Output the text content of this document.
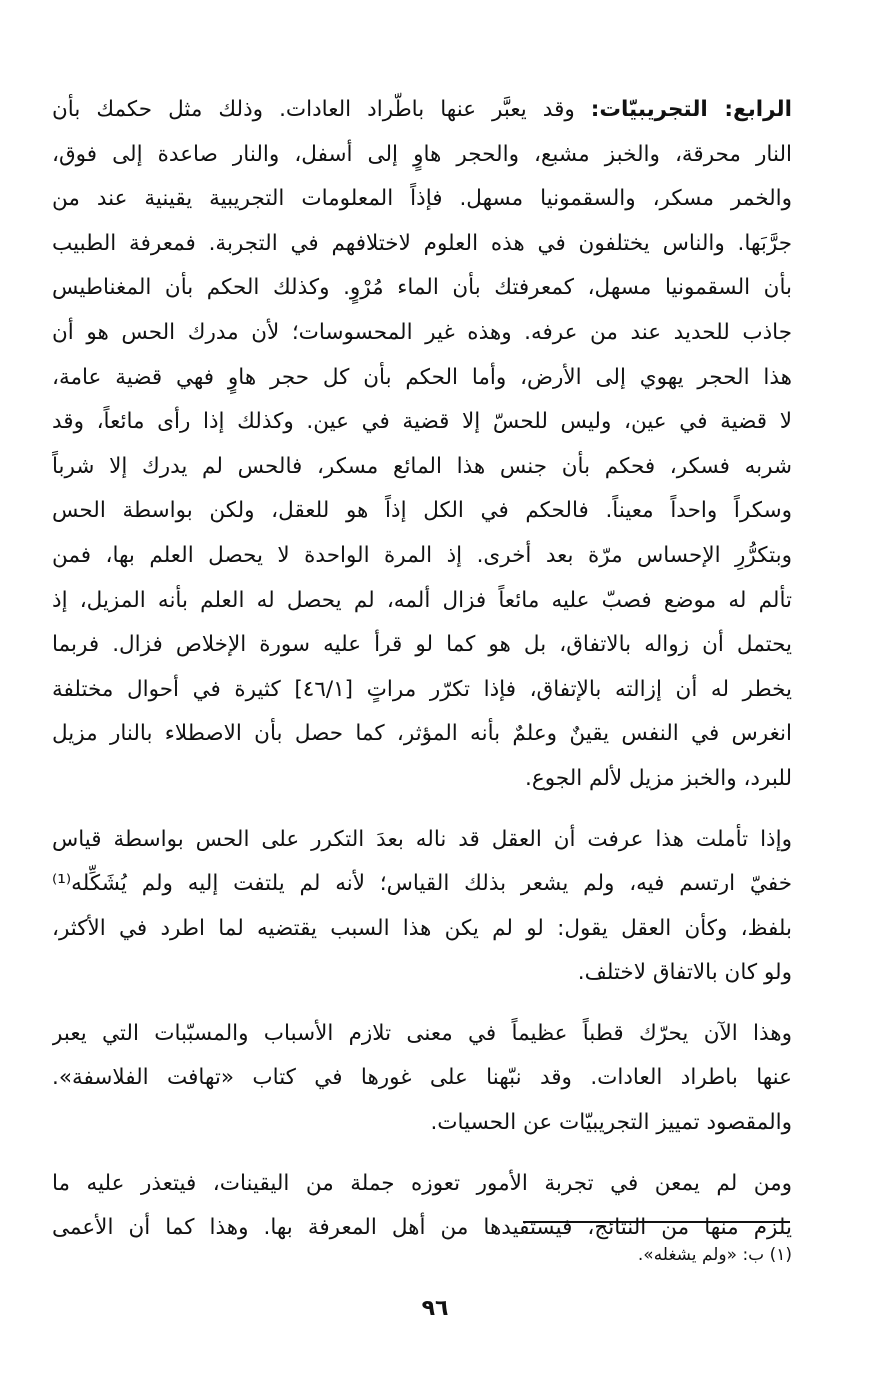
الرابع: التجريبيّات: وقد يعبَّر عنها باطّراد العادات. وذلك مثل حكمك بأن
النار محرقة، والخبز مشبع، والحجر هاوٍ إلى أسفل، والنار صاعدة إلى فوق،
والخمر مسكر، والسقمونيا مسهل. فإذاً المعلومات التجريبية يقينية عند من
جرَّبَها. والناس يختلفون في هذه العلوم لاختلافهم في التجربة. فمعرفة الطبيب
بأن السقمونيا مسهل، كمعرفتك بأن الماء مُرْوٍ. وكذلك الحكم بأن المغناطيس
جاذب للحديد عند من عرفه. وهذه غير المحسوسات؛ لأن مدرك الحس هو أن
هذا الحجر يهوي إلى الأرض، وأما الحكم بأن كل حجر هاوٍ فهي قضية عامة،
لا قضية في عين، وليس للحسّ إلا قضية في عين. وكذلك إذا رأى مائعاً، وقد
شربه فسكر، فحكم بأن جنس هذا المائع مسكر، فالحس لم يدرك إلا شرباً
وسكراً واحداً معيناً. فالحكم في الكل إذاً هو للعقل، ولكن بواسطة الحس
وبتكرُّرِ الإحساس مرّة بعد أخرى. إذ المرة الواحدة لا يحصل العلم بها، فمن
تألم له موضع فصبّ عليه مائعاً فزال ألمه، لم يحصل له العلم بأنه المزيل، إذ
يحتمل أن زواله بالاتفاق، بل هو كما لو قرأ عليه سورة الإخلاص فزال. فربما
يخطر له أن إزالته بالإتفاق، فإذا تكرّر مراتٍ [٤٦/١] كثيرة في أحوال مختلفة
انغرس في النفس يقينٌ وعلمٌ بأنه المؤثر، كما حصل بأن الاصطلاء بالنار مزيل
للبرد، والخبز مزيل لألم الجوع.
وإذا تأملت هذا عرفت أن العقل قد ناله بعدَ التكرر على الحس بواسطة قياس
خفيّ ارتسم فيه، ولم يشعر بذلك القياس؛ لأنه لم يلتفت إليه ولم يُشَكِّله⁽¹⁾
بلفظ، وكأن العقل يقول: لو لم يكن هذا السبب يقتضيه لما اطرد في الأكثر،
ولو كان بالاتفاق لاختلف.
وهذا الآن يحرّك قطباً عظيماً في معنى تلازم الأسباب والمسبّبات التي يعبر
عنها باطراد العادات. وقد نبّهنا على غورها في كتاب «تهافت الفلاسفة».
والمقصود تمييز التجريبيّات عن الحسيات.
ومن لم يمعن في تجربة الأمور تعوزه جملة من اليقينات، فيتعذر عليه ما
يلزم منها من النتائج، فيستفيدها من أهل المعرفة بها. وهذا كما أن الأعمى
(١) ب: «ولم يشغله».
٩٦
